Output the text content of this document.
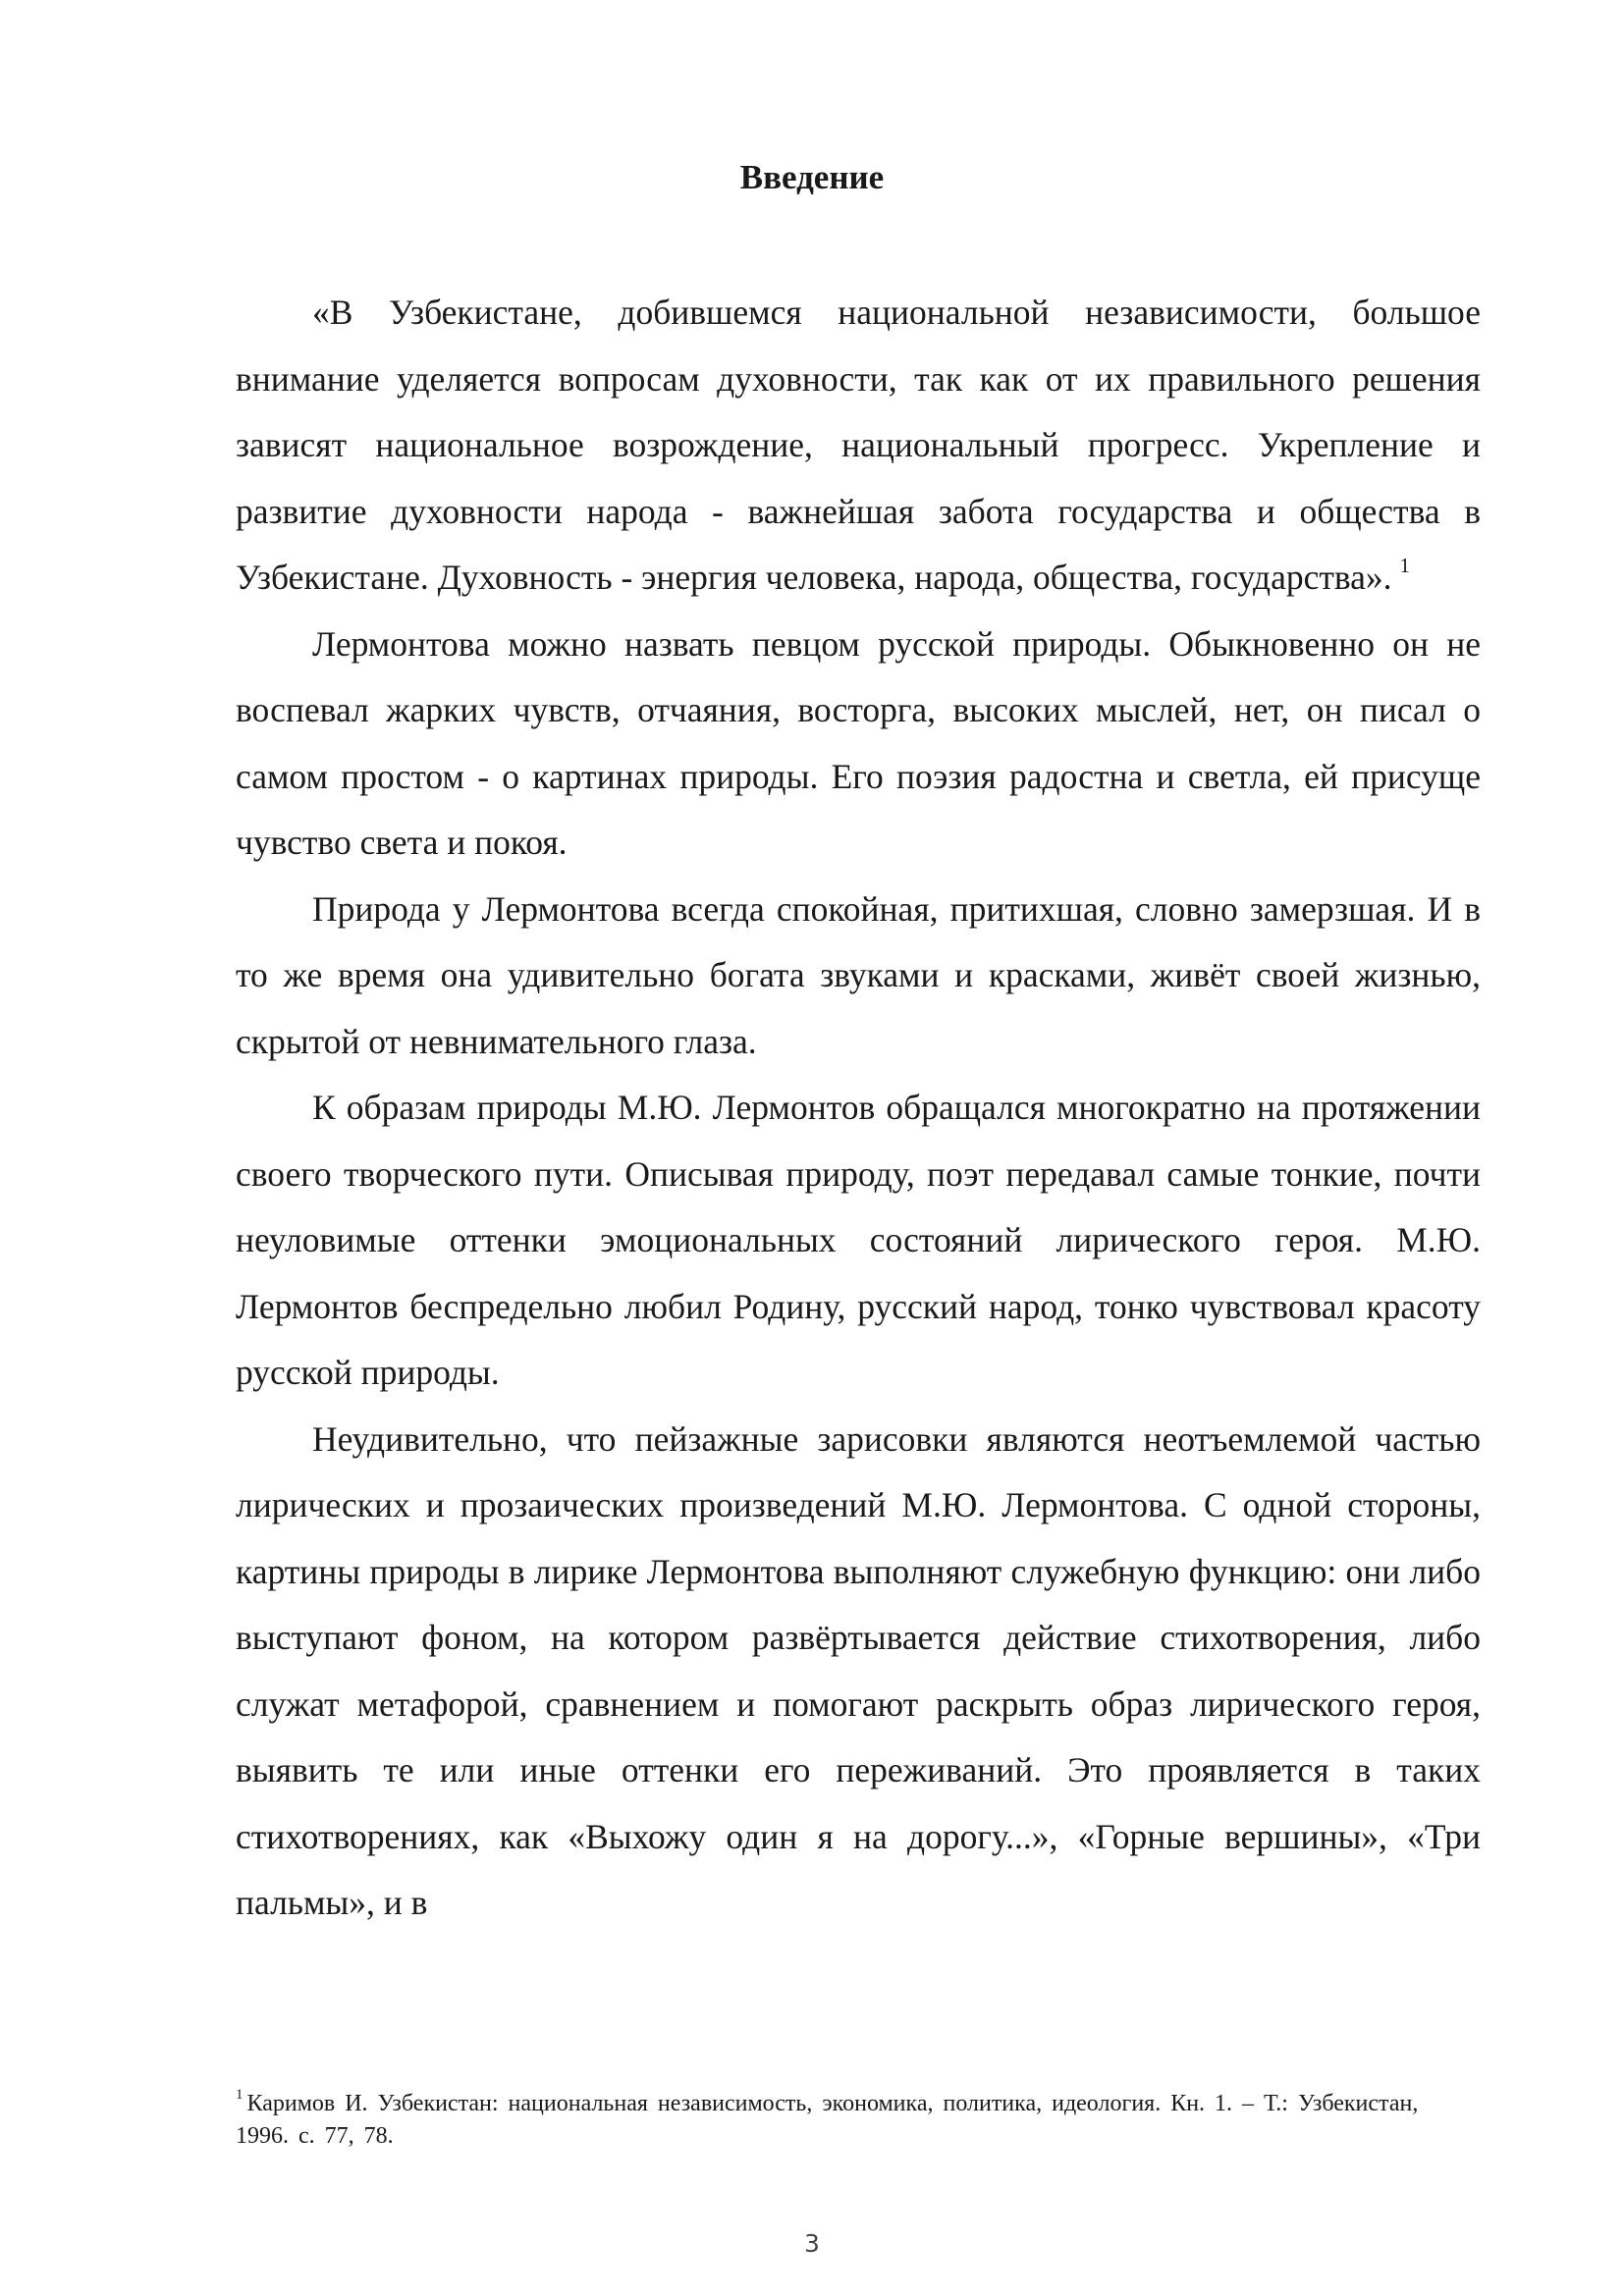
Введение

«В Узбекистане, добившемся национальной независимости, большое внимание уделяется вопросам духовности, так как от их правильного решения зависят национальное возрождение, национальный прогресс. Укрепление и развитие духовности народа - важнейшая забота государства и общества в Узбекистане. Духовность - энергия человека, народа, общества, государства». $^1$

Лермонтова можно назвать певцом русской природы. Обыкновенно он не воспевал жарких чувств, отчаяния, восторга, высоких мыслей, нет, он писал о самом простом - о картинах природы. Его поэзия радостна и светла, ей присуще чувство света и покоя.

Природа у Лермонтова всегда спокойная, притихшая, словно замерзшая. И в то же время она удивительно богата звуками и красками, живёт своей жизнью, скрытой от невнимательного глаза.

К образам природы М.Ю. Лермонтов обращался многократно на протяжении своего творческого пути. Описывая природу, поэт передавал самые тонкие, почти неуловимые оттенки эмоциональных состояний лирического героя. М.Ю. Лермонтов беспредельно любил Родину, русский народ, тонко чувствовал красоту русской природы.

Неудивительно, что пейзажные зарисовки являются неотъемлемой частью лирических и прозаических произведений М.Ю. Лермонтова. С одной стороны, картины природы в лирике Лермонтова выполняют служебную функцию: они либо выступают фоном, на котором развёртывается действие стихотворения, либо служат метафорой, сравнением и помогают раскрыть образ лирического героя, выявить те или иные оттенки его переживаний. Это проявляется в таких стихотворениях, как «Выхожу один я на дорогу...», «Горные вершины», «Три пальмы», и в

$^1$ Каримов И. Узбекистан: национальная независимость, экономика, политика, идеология. Кн. 1. – Т.: Узбекистан, 1996. с. 77, 78.
3
